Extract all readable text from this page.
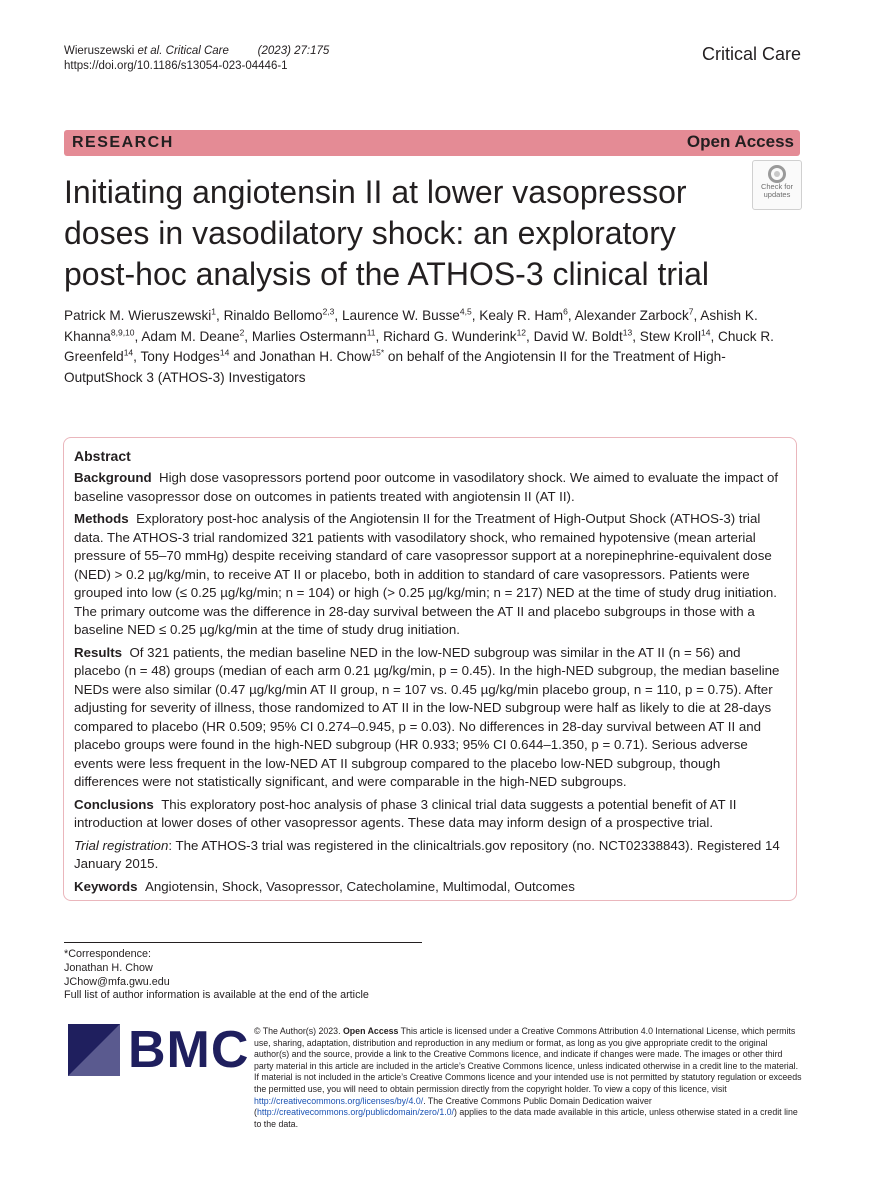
Wieruszewski et al. Critical Care	(2023) 27:175
https://doi.org/10.1186/s13054-023-04446-1
Critical Care
RESEARCH	Open Access
Initiating angiotensin II at lower vasopressor doses in vasodilatory shock: an exploratory post-hoc analysis of the ATHOS-3 clinical trial
Check for
updates
Patrick M. Wieruszewski$^1$, Rinaldo Bellomo$^{2,3}$, Laurence W. Busse$^{4,5}$, Kealy R. Ham$^6$, Alexander Zarbock$^7$, Ashish K. Khanna$^{8,9,10}$, Adam M. Deane$^2$, Marlies Ostermann$^{11}$, Richard G. Wunderink$^{12}$, David W. Boldt$^{13}$, Stew Kroll$^{14}$, Chuck R. Greenfeld$^{14}$, Tony Hodges$^{14}$ and Jonathan H. Chow$^{15*}$ on behalf of the Angiotensin II for the Treatment of High-OutputShock 3 (ATHOS-3) Investigators
Abstract

Background High dose vasopressors portend poor outcome in vasodilatory shock. We aimed to evaluate the impact of baseline vasopressor dose on outcomes in patients treated with angiotensin II (AT II).

Methods Exploratory post-hoc analysis of the Angiotensin II for the Treatment of High-Output Shock (ATHOS-3) trial data. The ATHOS-3 trial randomized 321 patients with vasodilatory shock, who remained hypotensive (mean arterial pressure of 55–70 mmHg) despite receiving standard of care vasopressor support at a norepinephrine-equivalent dose (NED) > 0.2 µg/kg/min, to receive AT II or placebo, both in addition to standard of care vasopressors. Patients were grouped into low (≤ 0.25 µg/kg/min; n = 104) or high (> 0.25 µg/kg/min; n = 217) NED at the time of study drug initiation. The primary outcome was the difference in 28-day survival between the AT II and placebo subgroups in those with a baseline NED ≤ 0.25 µg/kg/min at the time of study drug initiation.

Results Of 321 patients, the median baseline NED in the low-NED subgroup was similar in the AT II (n = 56) and placebo (n = 48) groups (median of each arm 0.21 µg/kg/min, p = 0.45). In the high-NED subgroup, the median baseline NEDs were also similar (0.47 µg/kg/min AT II group, n = 107 vs. 0.45 µg/kg/min placebo group, n = 110, p = 0.75). After adjusting for severity of illness, those randomized to AT II in the low-NED subgroup were half as likely to die at 28-days compared to placebo (HR 0.509; 95% CI 0.274–0.945, p = 0.03). No differences in 28-day survival between AT II and placebo groups were found in the high-NED subgroup (HR 0.933; 95% CI 0.644–1.350, p = 0.71). Serious adverse events were less frequent in the low-NED AT II subgroup compared to the placebo low-NED subgroup, though differences were not statistically significant, and were comparable in the high-NED subgroups.

Conclusions This exploratory post-hoc analysis of phase 3 clinical trial data suggests a potential benefit of AT II introduction at lower doses of other vasopressor agents. These data may inform design of a prospective trial.

Trial registration: The ATHOS-3 trial was registered in the clinicaltrials.gov repository (no. NCT02338843). Registered 14 January 2015.

Keywords Angiotensin, Shock, Vasopressor, Catecholamine, Multimodal, Outcomes

*Correspondence:
Jonathan H. Chow
JChow@mfa.gwu.edu
Full list of author information is available at the end of the article
BMC © The Author(s) 2023. Open Access This article is licensed under a Creative Commons Attribution 4.0 International License, which permits use, sharing, adaptation, distribution and reproduction in any medium or format, as long as you give appropriate credit to the original author(s) and the source, provide a link to the Creative Commons licence, and indicate if changes were made. The images or other third party material in this article are included in the article’s Creative Commons licence, unless indicated otherwise in a credit line to the material. If material is not included in the article’s Creative Commons licence and your intended use is not permitted by statutory regulation or exceeds the permitted use, you will need to obtain permission directly from the copyright holder. To view a copy of this licence, visit http://creativecommons.org/licenses/by/4.0/. The Creative Commons Public Domain Dedication waiver (http://creativecommons.org/publicdomain/zero/1.0/) applies to the data made available in this article, unless otherwise stated in a credit line to the data.
